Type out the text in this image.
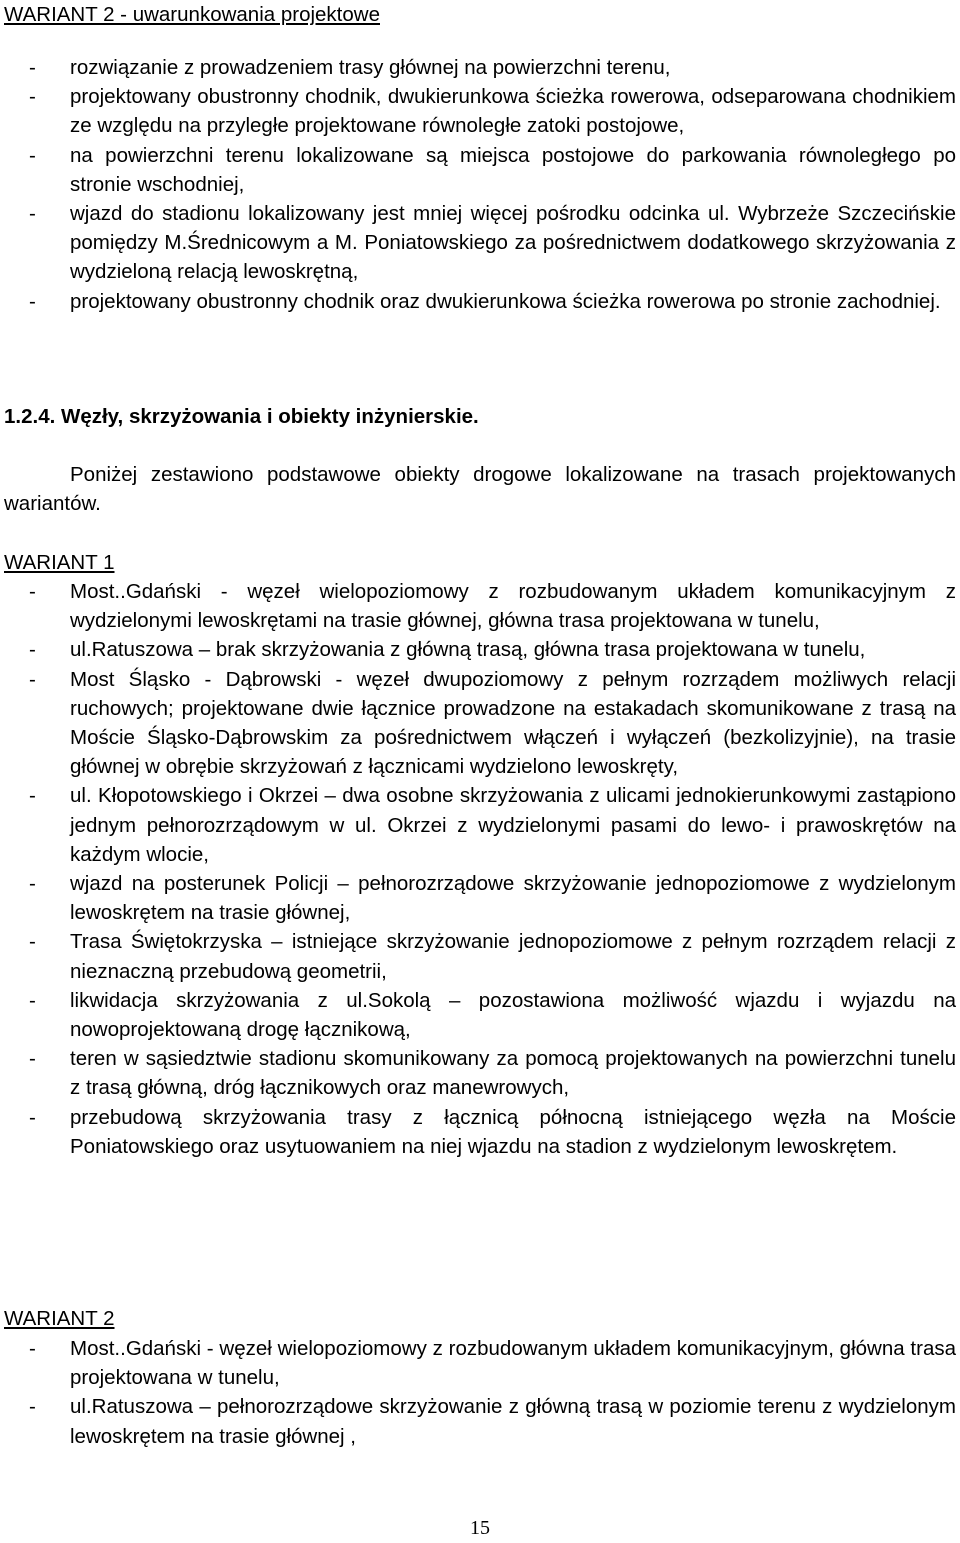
WARIANT 2 - uwarunkowania projektowe

- rozwiązanie z prowadzeniem trasy głównej na powierzchni terenu,
- projektowany obustronny chodnik, dwukierunkowa ścieżka rowerowa, odseparowana chodnikiem ze względu na przyległe projektowane równoległe zatoki postojowe,
- na powierzchni terenu lokalizowane są miejsca postojowe do parkowania równoległego po stronie wschodniej,
- wjazd do stadionu lokalizowany jest mniej więcej pośrodku odcinka ul. Wybrzeże Szczecińskie pomiędzy M.Średnicowym a M. Poniatowskiego za pośrednictwem dodatkowego skrzyżowania z wydzieloną relacją lewoskrętną,
- projektowany obustronny chodnik oraz dwukierunkowa ścieżka rowerowa po stronie zachodniej.

1.2.4. Węzły, skrzyżowania i obiekty inżynierskie.

Poniżej zestawiono podstawowe obiekty drogowe lokalizowane na trasach projektowanych wariantów.

WARIANT 1

- Most..Gdański - węzeł wielopoziomowy z rozbudowanym układem komunikacyjnym z wydzielonymi lewoskrętami na trasie głównej, główna trasa projektowana w tunelu,
- ul.Ratuszowa – brak skrzyżowania z główną trasą, główna trasa projektowana w tunelu,
- Most Śląsko - Dąbrowski - węzeł dwupoziomowy z pełnym rozrządem możliwych relacji ruchowych; projektowane dwie łącznice prowadzone na estakadach skomunikowane z trasą na Moście Śląsko-Dąbrowskim za pośrednictwem włączeń i wyłączeń (bezkolizyjnie), na trasie głównej w obrębie skrzyżowań z łącznicami wydzielono lewoskręty,
- ul. Kłopotowskiego i Okrzei – dwa osobne skrzyżowania z ulicami jednokierunkowymi zastąpiono jednym pełnorozrządowym w ul. Okrzei z wydzielonymi pasami do lewo- i prawoskrętów na każdym wlocie,
- wjazd na posterunek Policji – pełnorozrządowe skrzyżowanie jednopoziomowe z wydzielonym lewoskrętem na trasie głównej,
- Trasa Świętokrzyska – istniejące skrzyżowanie jednopoziomowe z pełnym rozrządem relacji z nieznaczną przebudową geometrii,
- likwidacja skrzyżowania z ul.Sokolą – pozostawiona możliwość wjazdu i wyjazdu na nowoprojektowaną drogę łącznikową,
- teren w sąsiedztwie stadionu skomunikowany za pomocą projektowanych na powierzchni tunelu z trasą główną, dróg łącznikowych oraz manewrowych,
- przebudową skrzyżowania trasy z łącznicą północną istniejącego węzła na Moście Poniatowskiego oraz usytuowaniem na niej wjazdu na stadion z wydzielonym lewoskrętem.

WARIANT 2

- Most..Gdański - węzeł wielopoziomowy z rozbudowanym układem komunikacyjnym, główna trasa projektowana w tunelu,
- ul.Ratuszowa – pełnorozrządowe skrzyżowanie z główną trasą w poziomie terenu z wydzielonym lewoskrętem na trasie głównej ,
15
